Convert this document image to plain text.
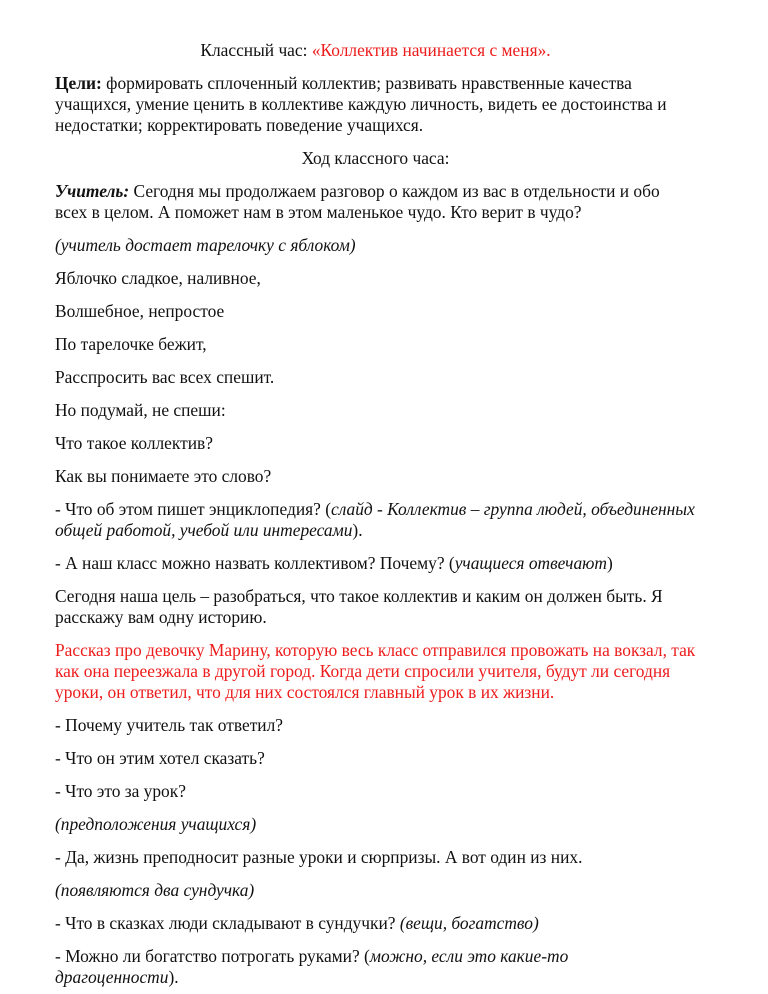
Классный час: «Коллектив начинается с меня».

Цели: формировать сплоченный коллектив; развивать нравственные качества учащихся, умение ценить в коллективе каждую личность, видеть ее достоинства и недостатки; корректировать поведение учащихся.

Ход классного часа:

Учитель: Сегодня мы продолжаем разговор о каждом из вас в отдельности и обо всех в целом. А поможет нам в этом маленькое чудо. Кто верит в чудо?

(учитель достает тарелочку с яблоком)

Яблочко сладкое, наливное,

Волшебное, непростое

По тарелочке бежит,

Расспросить вас всех спешит.

Но подумай, не спеши:

Что такое коллектив?

Как вы понимаете это слово?

- Что об этом пишет энциклопедия? (слайд - Коллектив – группа людей, объединенных общей работой, учебой или интересами).

- А наш класс можно назвать коллективом? Почему? (учащиеся отвечают)

Сегодня наша цель – разобраться, что такое коллектив и каким он должен быть. Я расскажу вам одну историю.

Рассказ про девочку Марину, которую весь класс отправился провожать на вокзал, так как она переезжала в другой город. Когда дети спросили учителя, будут ли сегодня уроки, он ответил, что для них состоялся главный урок в их жизни.

- Почему учитель так ответил?

- Что он этим хотел сказать?

- Что это за урок?

(предположения учащихся)

- Да, жизнь преподносит разные уроки и сюрпризы. А вот один из них.

(появляются два сундучка)

- Что в сказках люди складывают в сундучки? (вещи, богатство)

- Можно ли богатство потрогать руками? (можно, если это какие-то драгоценности).
